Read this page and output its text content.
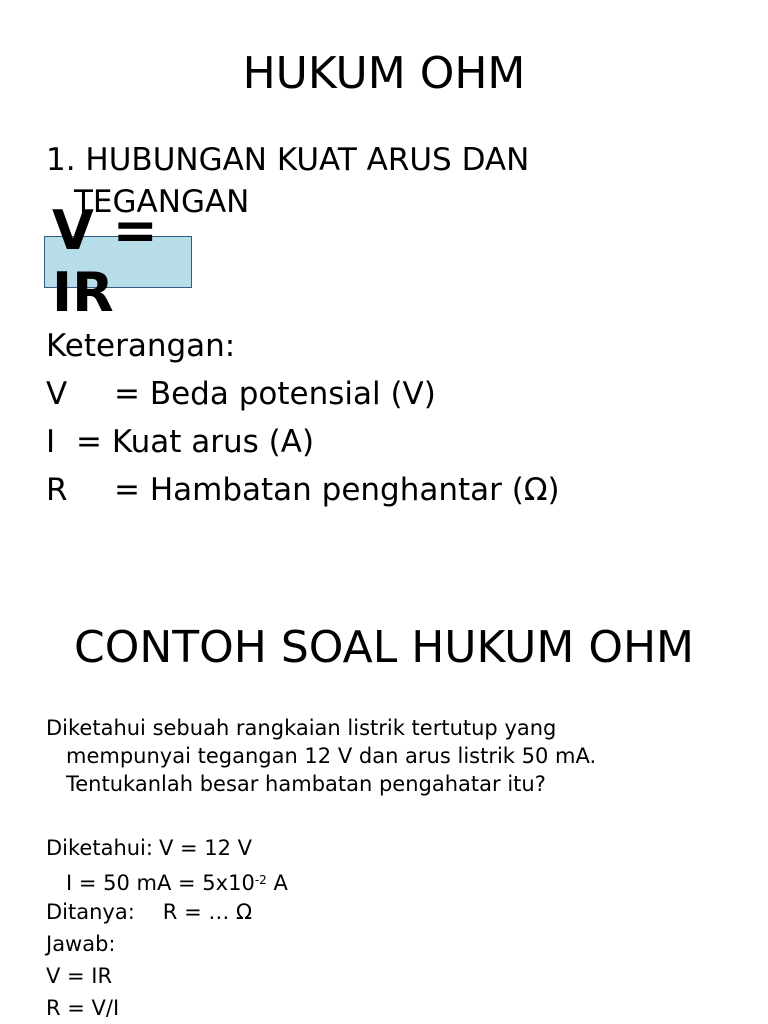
HUKUM OHM
1. HUBUNGAN KUAT ARUS DAN
TEGANGAN
V = IR
Keterangan:
V = Beda potensial (V)
I = Kuat arus (A)
R = Hambatan penghantar (Ω)
CONTOH SOAL HUKUM OHM
Diketahui sebuah rangkaian listrik tertutup yang
mempunyai tegangan 12 V dan arus listrik 50 mA.
Tentukanlah besar hambatan pengahatar itu?
Diketahui: V = 12 V
I = 50 mA = $5x10^{-2}$ A
Ditanya: R = … Ω
Jawab:
V = IR
R = V/I
